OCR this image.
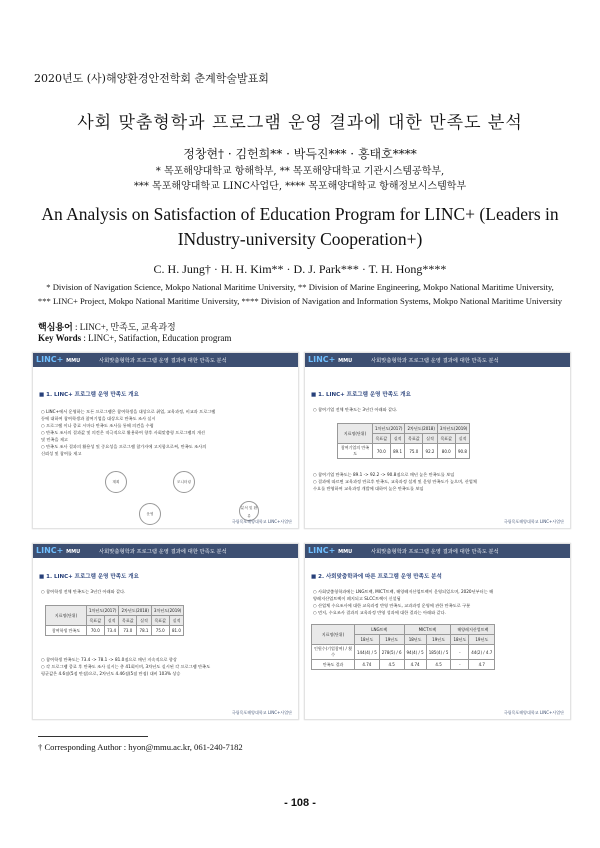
2020년도 (사)해양환경안전학회 춘계학술발표회
사회 맞춤형학과 프로그램 운영 결과에 대한 만족도 분석
정창현† · 김헌희** · 박득진*** · 홍태호****
* 목포해양대학교 항해학부, ** 목포해양대학교 기관시스템공학부,
*** 목포해양대학교 LINC사업단, **** 목포해양대학교 항해정보시스템학부
An Analysis on Satisfaction of Education Program for LINC+ (Leaders in INdustry-university Cooperation+)
C. H. Jung† · H. H. Kim** · D. J. Park*** · T. H. Hong****
* Division of Navigation Science, Mokpo National Maritime University, ** Division of Marine Engineering, Mokpo National Maritime University,
*** LINC+ Project, Mokpo National Maritime University, **** Division of Navigation and Information Systems, Mokpo National Maritime University
핵심용어 : LINC+, 만족도, 교육과정
Key Words : LINC+, Satifaction, Education program
LINC+ MMU	사회맞춤형학과 프로그램 운영 결과에 대한 만족도 분석
■ 1. LINC+ 프로그램 운영 만족도 개요
○ LINC+에서 운영하는 모든 프로그램은 참여학생을 대상으로 취업, 교육과정, 비교과 프로그램
등에 대하여 참여학생과 참여기업을 대상으로 만족도 조사 실시
○ 프로그램 이나 종료 시마다 만족도 조사를 통해 의견을 수렴
○ 만족도 조사의 결과값 및 의견은 적극적으로 활용하여 향후 사회맞춤형 프로그램의 개선
및 민족을 제고
○ 만족도 조사 결과의 활용성 및 중요성을 프로그램 참가자에 고지함으로써, 만족도 조사의
신뢰성 및 참여를 제고
계획	모니터링
운영
분석 및 환류
국립목포해양대학교 LINC+사업단
LINC+ MMU	사회맞춤형학과 프로그램 운영 결과에 대한 만족도 분석
■ 1. LINC+ 프로그램 운영 만족도 개요
○ 참여기업 전체 만족도는 3년간 아래와 같다.
지표명(단위)	1차년도(2017)		2차년도(2018)		3차년도(2019)	
	목표값	실적	목표값	실적	목표값	실적
참여기업의 만족도	70.0	89.1	75.0	92.2	80.0	90.8
○ 참여기업 만족도는 89.1 -> 92.2 -> 90.8점으로 매년 높은 만족도를 보임
○ 결과에 따르면 교육과정 만료후 만족도, 교육과정 설계 및 운영 만족도가 높으며, 산업체
수요를 반영하여 교육과정 개발에 대하여 높은 만족도를 보임
국립목포해양대학교 LINC+사업단
LINC+ MMU	사회맞춤형학과 프로그램 운영 결과에 대한 만족도 분석
■ 1. LINC+ 프로그램 운영 만족도 개요
○ 참여학생 전체 만족도는 3년간 아래와 같다.
지표명(단위)	1차년도(2017)		2차년도(2018)		3차년도(2019)	
	목표값	실적	목표값	실적	목표값	실적
참여학생 만족도	70.0	73.4	73.0	78.1	75.0	81.0
○ 참여학생 만족도는 73.4 -> 78.1 -> 81.0점으로 매년 지속적으로 향상
○ 각 프로그램 종료 후 만족도 조사 실시는 총 41회이며, 3차년도 실시된 각 프로그램 만족도
평균값은 4.6점(5점 만점)으로, 2차년도 4.46점(5점 만점) 대비 103% 상승
국립목포해양대학교 LINC+사업단
LINC+ MMU	사회맞춤형학과 프로그램 운영 결과에 대한 만족도 분석
■ 2. 사회맞춤학과에 따른 프로그램 운영 만족도 분석
○ 사회맞춤형학과에는 LNG트랙, MICT트랙, 해양레저산업트랙이 운영되었으며, 2020년부터는 해
양레저산업트랙이 폐지되고 SLCC트랙이 신설됨
○ 산업체 수요조사에 대한 교육과정 반영 만족도, 교과과정 운영에 관한 만족도로 구분
○ 먼저, 수요조사 결과의 교육과정 반영 성과에 대한 결과는 아래와 같다.
지표명(단위)	LNG트랙		MICT트랙		해양레저산업트랙	
	18년도	19년도	18년도	19년도	18년도	19년도
인원수(기업참여) / 횟수	144(4) / 5	278(5) / 6	94(4) / 5	185(4) / 5	-	44(2) / 4.7
만족도 결과	4.74	4.5	4.74	4.5	-	4.7
국립목포해양대학교 LINC+사업단
† Corresponding Author : hyon@mmu.ac.kr, 061-240-7182
- 108 -
